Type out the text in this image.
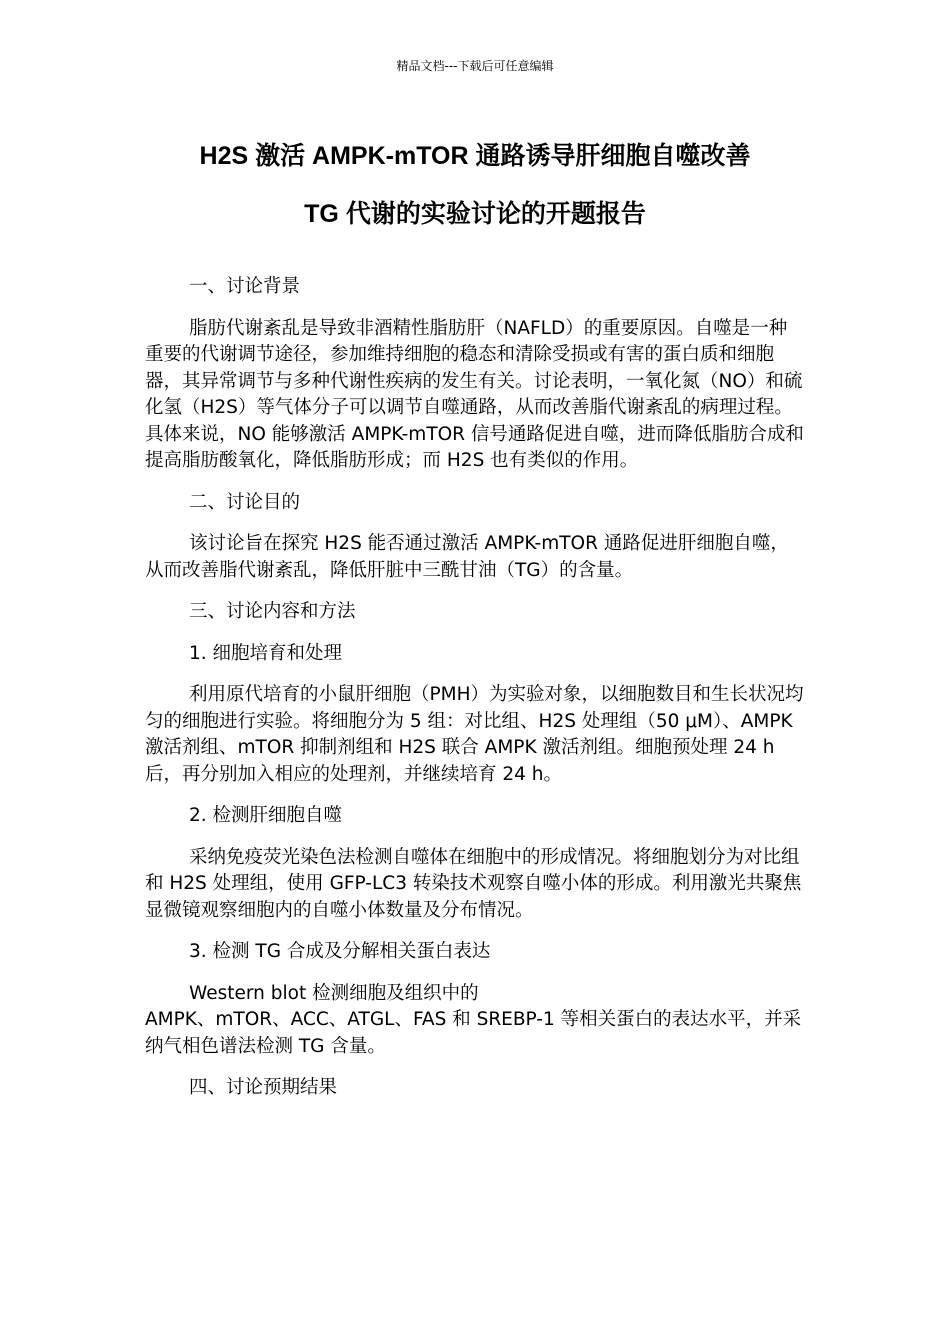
精品文档---下载后可任意编辑
H2S 激活 AMPK-mTOR 通路诱导肝细胞自噬改善
TG 代谢的实验讨论的开题报告

一、讨论背景

脂肪代谢紊乱是导致非酒精性脂肪肝（NAFLD）的重要原因。自噬是一种重要的代谢调节途径，参加维持细胞的稳态和清除受损或有害的蛋白质和细胞器，其异常调节与多种代谢性疾病的发生有关。讨论表明，一氧化氮（NO）和硫化氢（H2S）等气体分子可以调节自噬通路，从而改善脂代谢紊乱的病理过程。具体来说，NO 能够激活 AMPK-mTOR 信号通路促进自噬，进而降低脂肪合成和提高脂肪酸氧化，降低脂肪形成；而 H2S 也有类似的作用。

二、讨论目的

该讨论旨在探究 H2S 能否通过激活 AMPK-mTOR 通路促进肝细胞自噬，从而改善脂代谢紊乱，降低肝脏中三酰甘油（TG）的含量。

三、讨论内容和方法

1. 细胞培育和处理

利用原代培育的小鼠肝细胞（PMH）为实验对象，以细胞数目和生长状况均匀的细胞进行实验。将细胞分为 5 组：对比组、H2S 处理组（50 μM）、AMPK 激活剂组、mTOR 抑制剂组和 H2S 联合 AMPK 激活剂组。细胞预处理 24 h 后，再分别加入相应的处理剂，并继续培育 24 h。

2. 检测肝细胞自噬

采纳免疫荧光染色法检测自噬体在细胞中的形成情况。将细胞划分为对比组和 H2S 处理组，使用 GFP-LC3 转染技术观察自噬小体的形成。利用激光共聚焦显微镜观察细胞内的自噬小体数量及分布情况。

3. 检测 TG 合成及分解相关蛋白表达

Western blot 检测细胞及组织中的

AMPK、mTOR、ACC、ATGL、FAS 和 SREBP-1 等相关蛋白的表达水平，并采纳气相色谱法检测 TG 含量。

四、讨论预期结果
